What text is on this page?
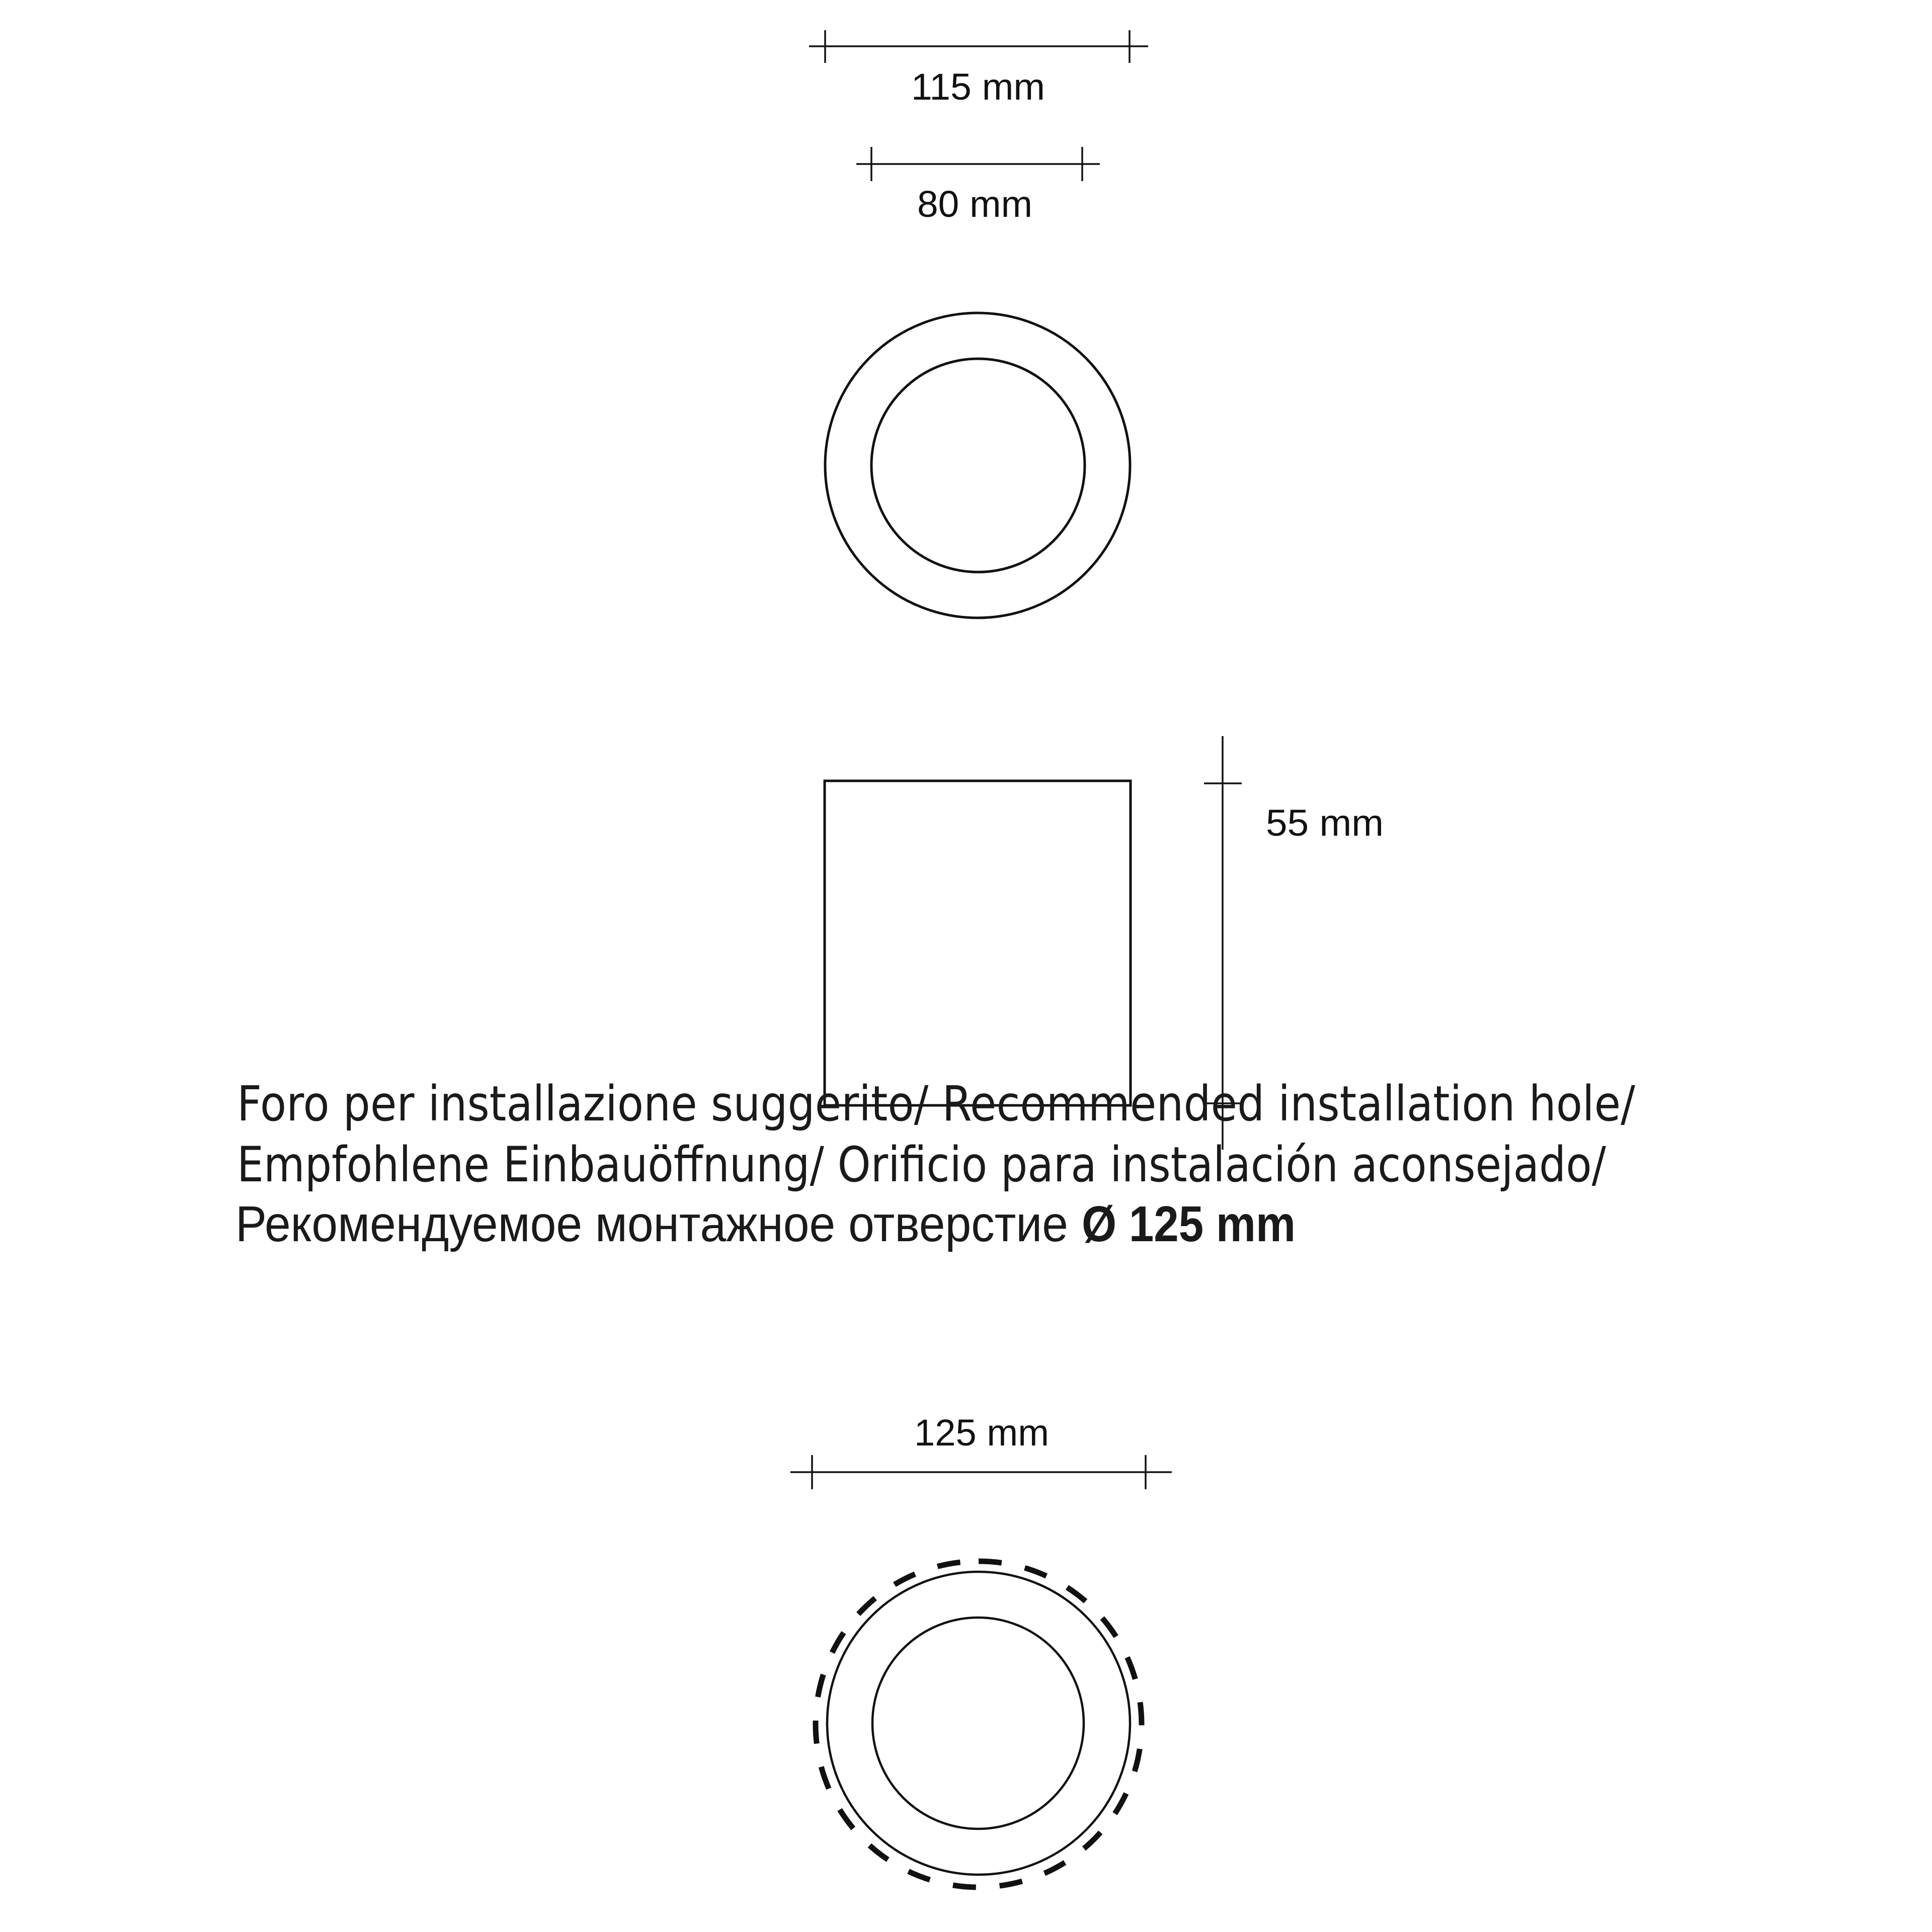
115 mm
80 mm
55 mm
Foro per installazione suggerito/ Recommended installation hole/
Empfohlene Einbauöffnung/ Orificio para instalación aconsejado/
Рекомендуемое монтажное отверстие Ø 125 mm
125 mm
